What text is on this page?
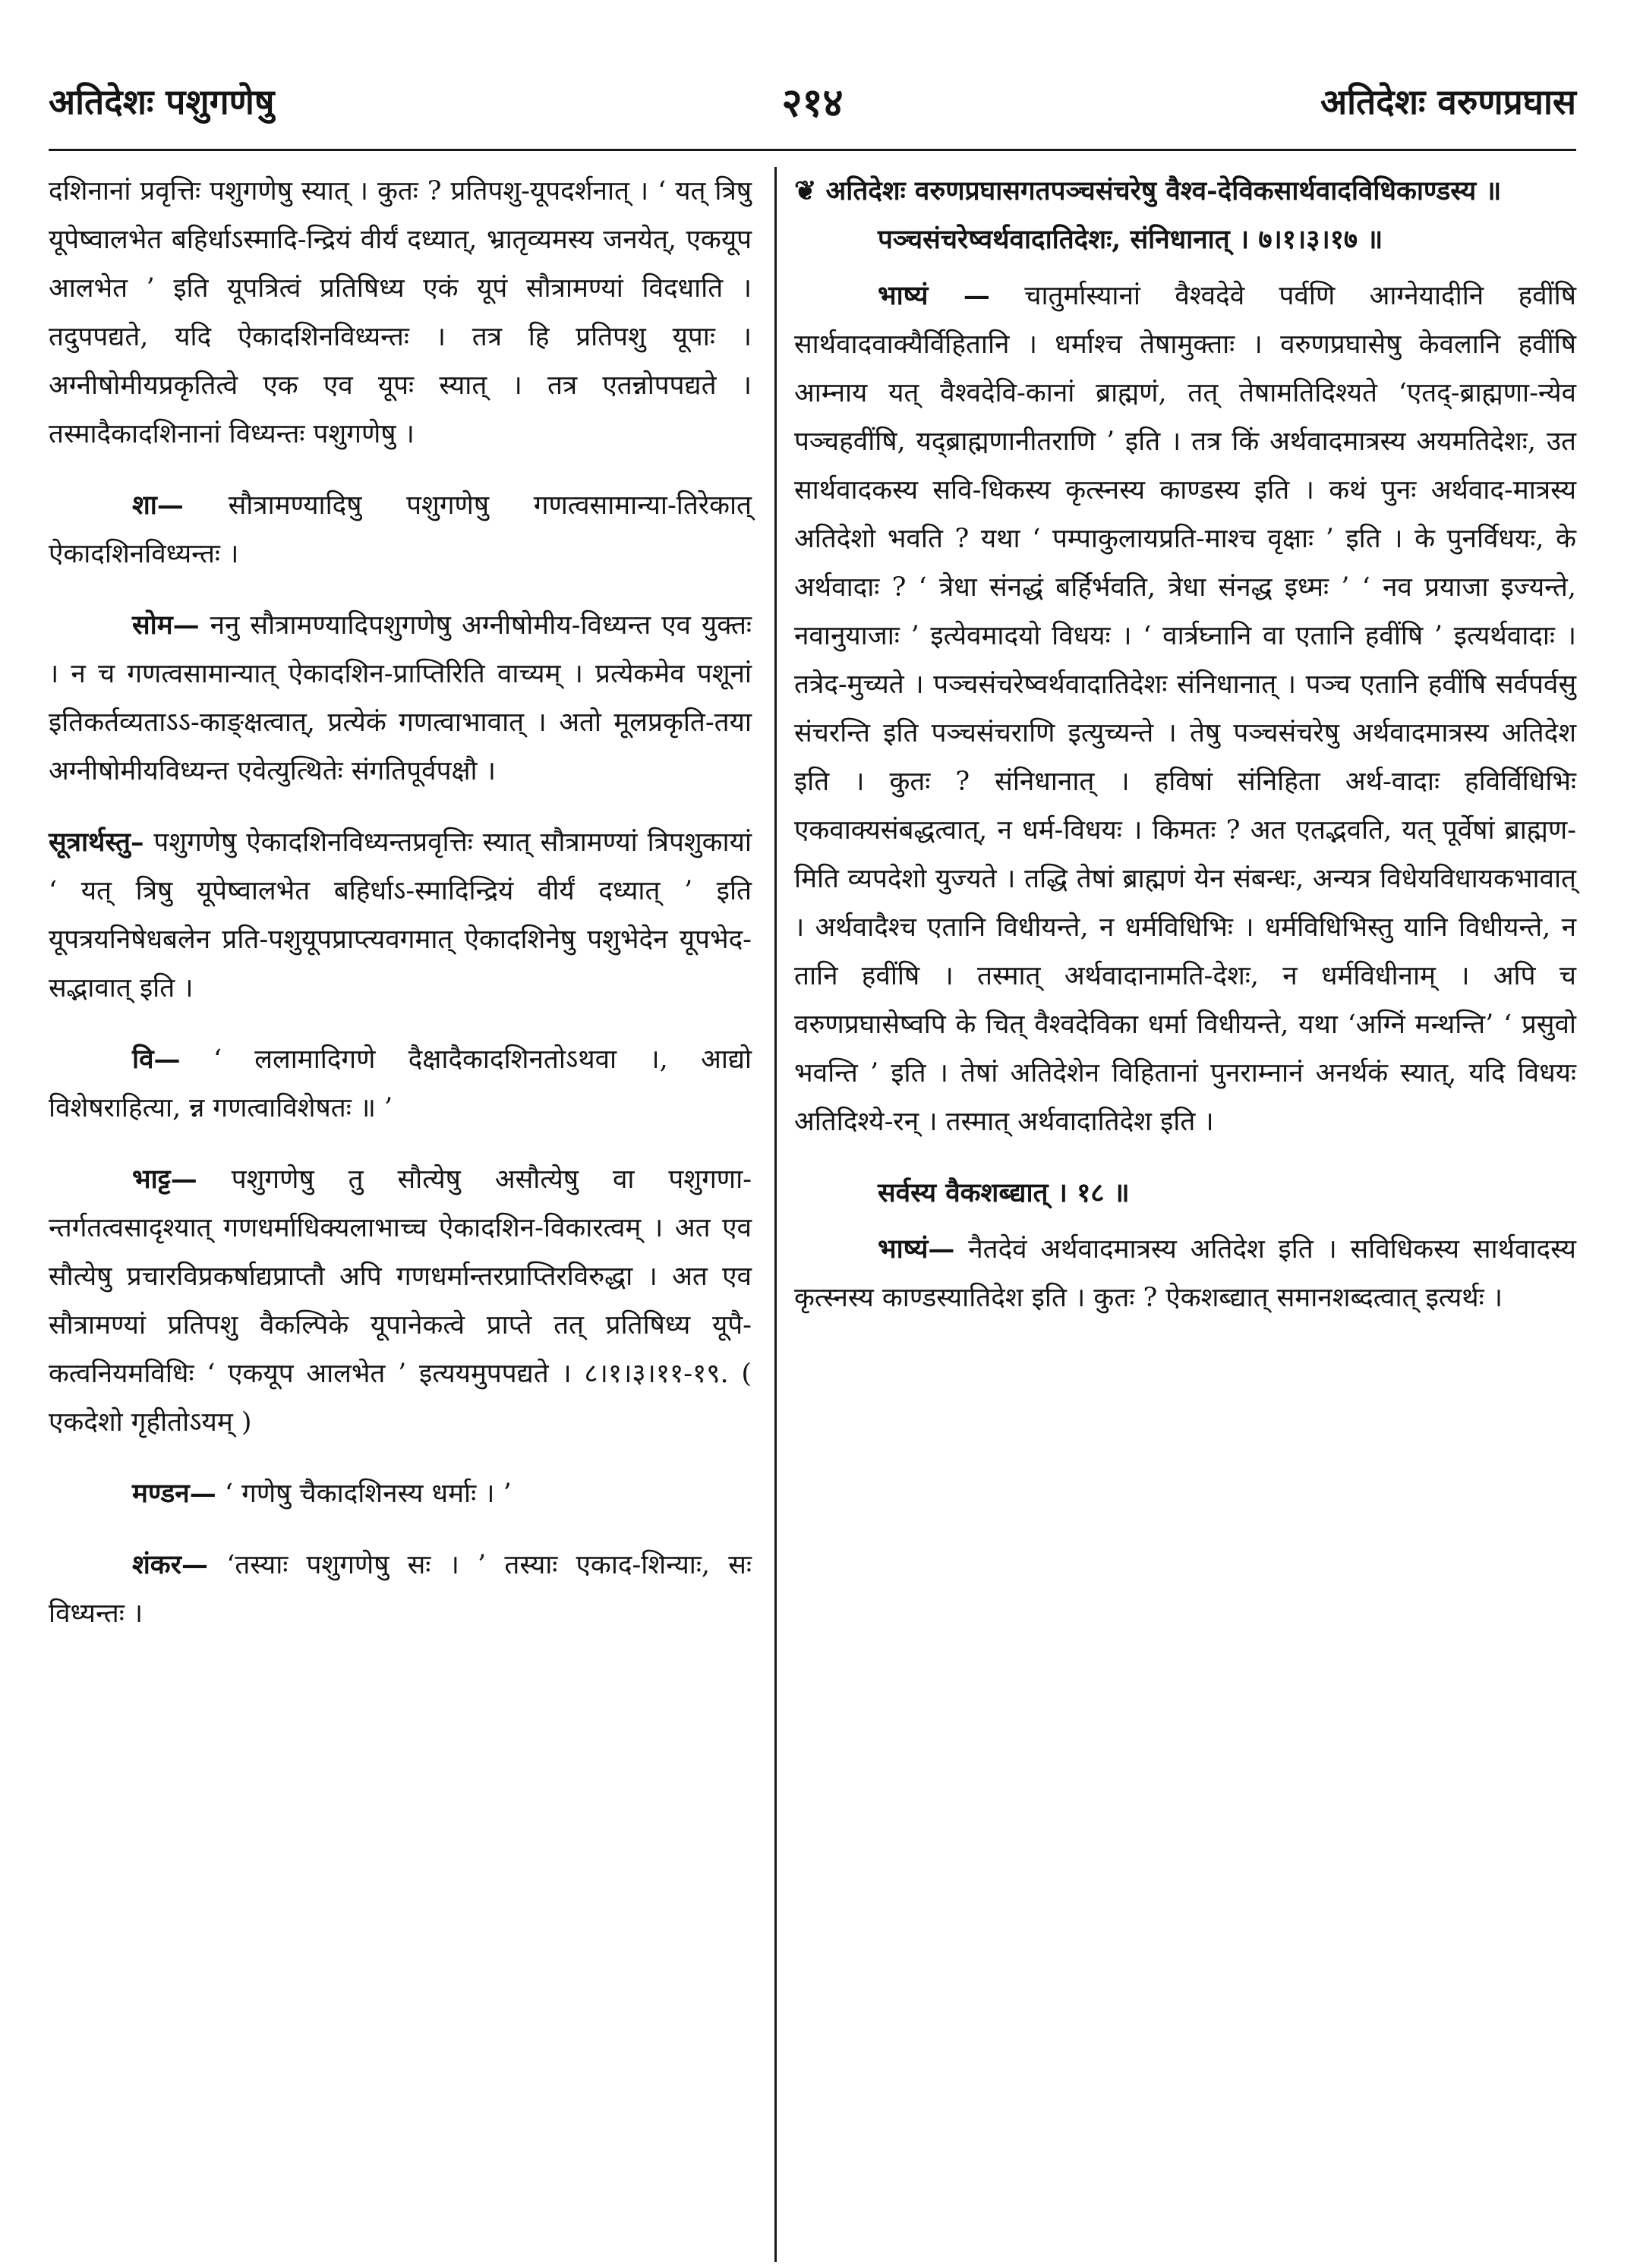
अतिदेशः पशुगणेषु	२१४	अतिदेशः वरुणप्रघास

दशिनानां प्रवृत्तिः पशुगणेषु स्यात् । कुतः ? प्रतिपशु-यूपदर्शनात् । ‘ यत् त्रिषु यूपेष्वालभेत बहिर्धाऽस्मादि-न्द्रियं वीर्यं दध्यात्, भ्रातृव्यमस्य जनयेत्, एकयूप आलभेत ’ इति यूपत्रित्वं प्रतिषिध्य एकं यूपं सौत्रामण्यां विदधाति । तदुपपद्यते, यदि ऐकादशिनविध्यन्तः । तत्र हि प्रतिपशु यूपाः । अग्नीषोमीयप्रकृतित्वे एक एव यूपः स्यात् । तत्र एतन्नोपपद्यते । तस्मादैकादशिनानां विध्यन्तः पशुगणेषु ।

शा— सौत्रामण्यादिषु पशुगणेषु गणत्वसामान्या-तिरेकात् ऐकादशिनविध्यन्तः ।

सोम— ननु सौत्रामण्यादिपशुगणेषु अग्नीषोमीय-विध्यन्त एव युक्तः । न च गणत्वसामान्यात् ऐकादशिन-प्राप्तिरिति वाच्यम् । प्रत्येकमेव पशूनां इतिकर्तव्यताऽऽ-काङ्क्षत्वात्, प्रत्येकं गणत्वाभावात् । अतो मूलप्रकृति-तया अग्नीषोमीयविध्यन्त एवेत्युत्थितेः संगतिपूर्वपक्षौ ।

सूत्रार्थस्तु– पशुगणेषु ऐकादशिनविध्यन्तप्रवृत्तिः स्यात् सौत्रामण्यां त्रिपशुकायां ‘ यत् त्रिषु यूपेष्वालभेत बहिर्धाऽ-स्मादिन्द्रियं वीर्यं दध्यात् ’ इति यूपत्रयनिषेधबलेन प्रति-पशुयूपप्राप्त्यवगमात् ऐकादशिनेषु पशुभेदेन यूपभेद-सद्भावात् इति ।

वि— ‘ ललामादिगणे दैक्षादैकादशिनतोऽथवा ।, आद्यो विशेषराहित्या, न्न गणत्वाविशेषतः ॥ ’

भाट्ट— पशुगणेषु तु सौत्येषु असौत्येषु वा पशुगणा-न्तर्गतत्वसादृश्यात् गणधर्माधिक्यलाभाच्च ऐकादशिन-विकारत्वम् । अत एव सौत्येषु प्रचारविप्रकर्षाद्यप्राप्तौ अपि गणधर्मान्तरप्राप्तिरविरुद्धा । अत एव सौत्रामण्यां प्रतिपशु वैकल्पिके यूपानेकत्वे प्राप्ते तत् प्रतिषिध्य यूपै-कत्वनियमविधिः ‘ एकयूप आलभेत ’ इत्ययमुपपद्यते । ८।१।३।११-१९. ( एकदेशो गृहीतोऽयम् )

मण्डन— ‘ गणेषु चैकादशिनस्य धर्माः । ’

शंकर— ‘तस्याः पशुगणेषु सः । ’ तस्याः एकाद-शिन्याः, सः विध्यन्तः ।

❦ अतिदेशः वरुणप्रघासगतपञ्चसंचरेषु वैश्व-देविकसार्थवादविधिकाण्डस्य ॥

पञ्चसंचरेष्वर्थवादातिदेशः, संनिधानात् । ७।१।३।१७ ॥

भाष्यं — चातुर्मास्यानां वैश्वदेवे पर्वणि आग्नेयादीनि हवींषि सार्थवादवाक्यैर्विहितानि । धर्माश्च तेषामुक्ताः । वरुणप्रघासेषु केवलानि हवींषि आम्नाय यत् वैश्वदेवि-कानां ब्राह्मणं, तत् तेषामतिदिश्यते ‘एतद्-ब्राह्मणा-न्येव पञ्चहवींषि, यद्ब्राह्मणानीतराणि ’ इति । तत्र किं अर्थवादमात्रस्य अयमतिदेशः, उत सार्थवादकस्य सवि-धिकस्य कृत्स्नस्य काण्डस्य इति । कथं पुनः अर्थवाद-मात्रस्य अतिदेशो भवति ? यथा ‘ पम्पाकुलायप्रति-माश्च वृक्षाः ’ इति । के पुनर्विधयः, के अर्थवादाः ? ‘ त्रेधा संनद्धं बर्हिर्भवति, त्रेधा संनद्ध इध्मः ’ ‘ नव प्रयाजा इज्यन्ते, नवानुयाजाः ’ इत्येवमादयो विधयः । ‘ वार्त्रघ्नानि वा एतानि हवींषि ’ इत्यर्थवादाः । तत्रेद-मुच्यते । पञ्चसंचरेष्वर्थवादातिदेशः संनिधानात् । पञ्च एतानि हवींषि सर्वपर्वसु संचरन्ति इति पञ्चसंचराणि इत्युच्यन्ते । तेषु पञ्चसंचरेषु अर्थवादमात्रस्य अतिदेश इति । कुतः ? संनिधानात् । हविषां संनिहिता अर्थ-वादाः हविर्विधिभिः एकवाक्यसंबद्धत्वात्, न धर्म-विधयः । किमतः ? अत एतद्भवति, यत् पूर्वेषां ब्राह्मण-मिति व्यपदेशो युज्यते । तद्धि तेषां ब्राह्मणं येन संबन्धः, अन्यत्र विधेयविधायकभावात् । अर्थवादैश्च एतानि विधीयन्ते, न धर्मविधिभिः । धर्मविधिभिस्तु यानि विधीयन्ते, न तानि हवींषि । तस्मात् अर्थवादानामति-देशः, न धर्मविधीनाम् । अपि च वरुणप्रघासेष्वपि के चित् वैश्वदेविका धर्मा विधीयन्ते, यथा ‘अग्निं मन्थन्ति’ ‘ प्रसुवो भवन्ति ’ इति । तेषां अतिदेशेन विहितानां पुनराम्नानं अनर्थकं स्यात्, यदि विधयः अतिदिश्ये-रन् । तस्मात् अर्थवादातिदेश इति ।

सर्वस्य वैकशब्द्यात् । १८ ॥

भाष्यं— नैतदेवं अर्थवादमात्रस्य अतिदेश इति । सविधिकस्य सार्थवादस्य कृत्स्नस्य काण्डस्यातिदेश इति । कुतः ? ऐकशब्द्यात् समानशब्दत्वात् इत्यर्थः ।
